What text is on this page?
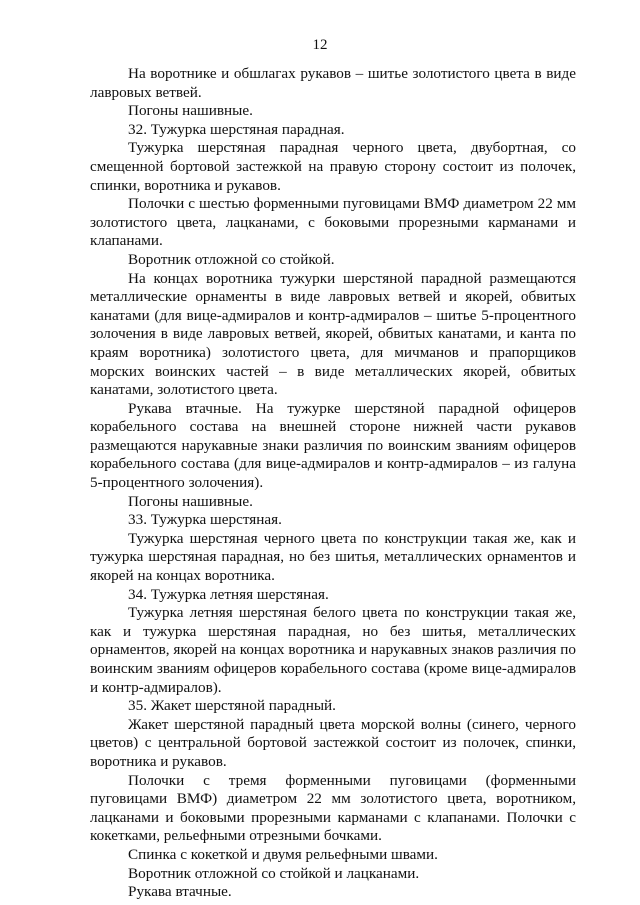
12

На воротнике и обшлагах рукавов – шитье золотистого цвета в виде лавровых ветвей.

Погоны нашивные.

32. Тужурка шерстяная парадная.

Тужурка шерстяная парадная черного цвета, двубортная, со смещенной бортовой застежкой на правую сторону состоит из полочек, спинки, воротника и рукавов.

Полочки с шестью форменными пуговицами ВМФ диаметром 22 мм золотистого цвета, лацканами, с боковыми прорезными карманами и клапанами.

Воротник отложной со стойкой.

На концах воротника тужурки шерстяной парадной размещаются металлические орнаменты в виде лавровых ветвей и якорей, обвитых канатами (для вице-адмиралов и контр-адмиралов – шитье 5-процентного золочения в виде лавровых ветвей, якорей, обвитых канатами, и канта по краям воротника) золотистого цвета, для мичманов и прапорщиков морских воинских частей – в виде металлических якорей, обвитых канатами, золотистого цвета.

Рукава втачные. На тужурке шерстяной парадной офицеров корабельного состава на внешней стороне нижней части рукавов размещаются нарукавные знаки различия по воинским званиям офицеров корабельного состава (для вице-адмиралов и контр-адмиралов – из галуна 5-процентного золочения).

Погоны нашивные.

33. Тужурка шерстяная.

Тужурка шерстяная черного цвета по конструкции такая же, как и тужурка шерстяная парадная, но без шитья, металлических орнаментов и якорей на концах воротника.

34. Тужурка летняя шерстяная.

Тужурка летняя шерстяная белого цвета по конструкции такая же, как и тужурка шерстяная парадная, но без шитья, металлических орнаментов, якорей на концах воротника и нарукавных знаков различия по воинским званиям офицеров корабельного состава (кроме вице-адмиралов и контр-адмиралов).

35. Жакет шерстяной парадный.

Жакет шерстяной парадный цвета морской волны (синего, черного цветов) с центральной бортовой застежкой состоит из полочек, спинки, воротника и рукавов.

Полочки с тремя форменными пуговицами (форменными пуговицами ВМФ) диаметром 22 мм золотистого цвета, воротником, лацканами и боковыми прорезными карманами с клапанами. Полочки с кокетками, рельефными отрезными бочками.

Спинка с кокеткой и двумя рельефными швами.

Воротник отложной со стойкой и лацканами.

Рукава втачные.
